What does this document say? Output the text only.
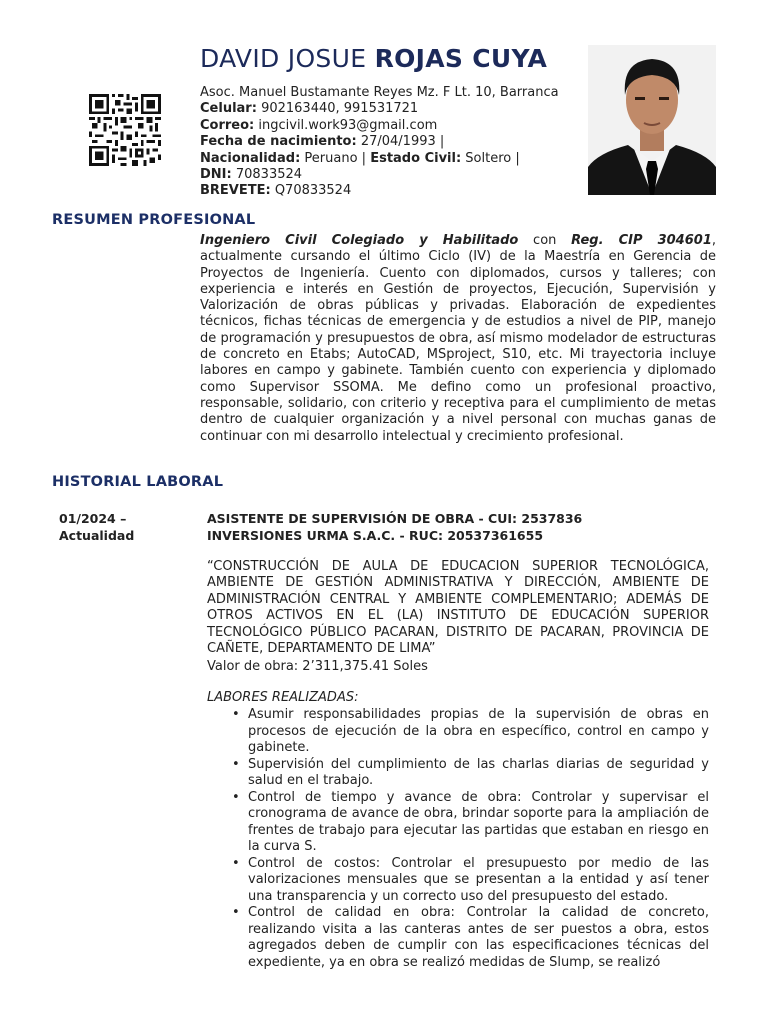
DAVID JOSUE ROJAS CUYA
Asoc. Manuel Bustamante Reyes Mz. F Lt. 10, Barranca
Celular: 902163440, 991531721
Correo: ingcivil.work93@gmail.com
Fecha de nacimiento: 27/04/1993 |
Nacionalidad: Peruano | Estado Civil: Soltero |
DNI: 70833524
BREVETE: Q70833524
RESUMEN PROFESIONAL
Ingeniero Civil Colegiado y Habilitado con Reg. CIP 304601, actualmente cursando el último Ciclo (IV) de la Maestría en Gerencia de Proyectos de Ingeniería. Cuento con diplomados, cursos y talleres; con experiencia e interés en Gestión de proyectos, Ejecución, Supervisión y Valorización de obras públicas y privadas. Elaboración de expedientes técnicos, fichas técnicas de emergencia y de estudios a nivel de PIP, manejo de programación y presupuestos de obra, así mismo modelador de estructuras de concreto en Etabs; AutoCAD, MSproject, S10, etc. Mi trayectoria incluye labores en campo y gabinete. También cuento con experiencia y diplomado como Supervisor SSOMA. Me defino como un profesional proactivo, responsable, solidario, con criterio y receptiva para el cumplimiento de metas dentro de cualquier organización y a nivel personal con muchas ganas de continuar con mi desarrollo intelectual y crecimiento profesional.
HISTORIAL LABORAL
01/2024 –
Actualidad
ASISTENTE DE SUPERVISIÓN DE OBRA - CUI: 2537836
INVERSIONES URMA S.A.C. - RUC: 20537361655
“CONSTRUCCIÓN DE AULA DE EDUCACION SUPERIOR TECNOLÓGICA, AMBIENTE DE GESTIÓN ADMINISTRATIVA Y DIRECCIÓN, AMBIENTE DE ADMINISTRACIÓN CENTRAL Y AMBIENTE COMPLEMENTARIO; ADEMÁS DE OTROS ACTIVOS EN EL (LA) INSTITUTO DE EDUCACIÓN SUPERIOR TECNOLÓGICO PÚBLICO PACARAN, DISTRITO DE PACARAN, PROVINCIA DE CAÑETE, DEPARTAMENTO DE LIMA”
Valor de obra: 2’311,375.41 Soles
LABORES REALIZADAS:
• Asumir responsabilidades propias de la supervisión de obras en procesos de ejecución de la obra en específico, control en campo y gabinete.
• Supervisión del cumplimiento de las charlas diarias de seguridad y salud en el trabajo.
• Control de tiempo y avance de obra: Controlar y supervisar el cronograma de avance de obra, brindar soporte para la ampliación de frentes de trabajo para ejecutar las partidas que estaban en riesgo en la curva S.
• Control de costos: Controlar el presupuesto por medio de las valorizaciones mensuales que se presentan a la entidad y así tener una transparencia y un correcto uso del presupuesto del estado.
• Control de calidad en obra: Controlar la calidad de concreto, realizando visita a las canteras antes de ser puestos a obra, estos agregados deben de cumplir con las especificaciones técnicas del expediente, ya en obra se realizó medidas de Slump, se realizó
